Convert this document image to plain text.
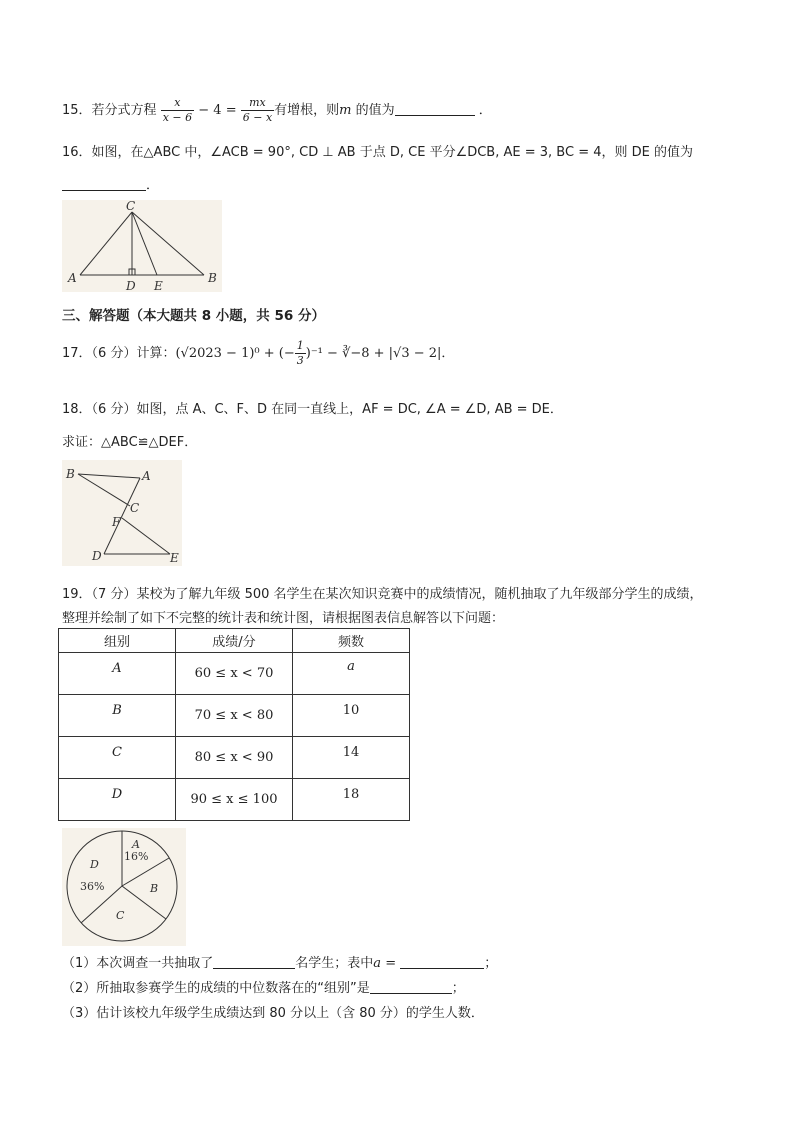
15．若分式方程 $\frac{x}{x - 6} - 4 = \frac{mx}{6 - x}$ 有增根，则m 的值为	．
16．如图，在△ABC 中，∠ACB = 90°, CD ⊥ AB 于点 D, CE 平分∠DCB, AE = 3, BC = 4，则 DE 的值为
．
A
C
B
D E
三、解答题（本大题共 8 小题，共 56 分）
17．（6 分）计算：(√2023 − 1)⁰ + (− $\frac{1}{3} )^{-1}$ − ∛−8 + |√3 − 2|．
18．（6 分）如图，点 A、C、F、D 在同一直线上，AF = DC, ∠A = ∠D, AB = DE．
求证：△ABC≌△DEF．
B	A
C
F
D	E
19．（7 分）某校为了解九年级 500 名学生在某次知识竞赛中的成绩情况，随机抽取了九年级部分学生的成绩，
整理并绘制了如下不完整的统计表和统计图，请根据图表信息解答以下问题：
组别	成绩/分	频数
A	60 ≤ x < 70	a
B	70 ≤ x < 80	10
C	80 ≤ x < 90	14
D	90 ≤ x ≤ 100	18
A
16%
B
C
D
36%
（1）本次调查一共抽取了	名学生；表中a =	；
（2）所抽取参赛学生的成绩的中位数落在的“组别”是	；
（3）估计该校九年级学生成绩达到 80 分以上（含 80 分）的学生人数．
